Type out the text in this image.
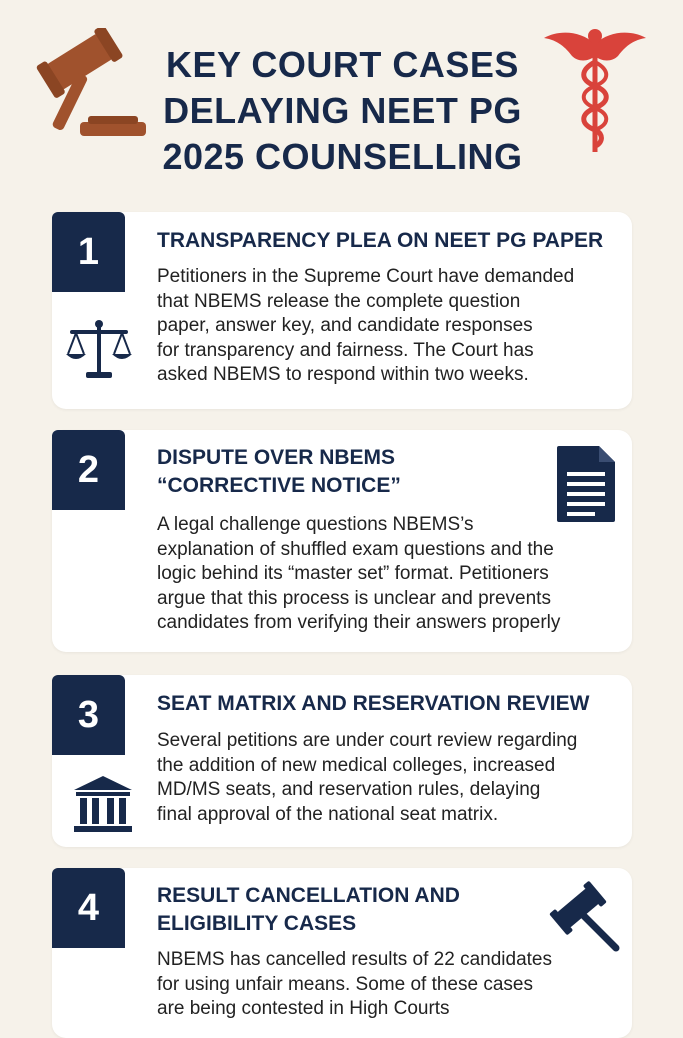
KEY COURT CASES
DELAYING NEET PG
2025 COUNSELLING
1	TRANSPARENCY PLEA ON NEET PG PAPER
Petitioners in the Supreme Court have demanded
that NBEMS release the complete question
paper, answer key, and candidate responses
for transparency and fairness. The Court has
asked NBEMS to respond within two weeks.
2	DISPUTE OVER NBEMS
“CORRECTIVE NOTICE”
A legal challenge questions NBEMS’s
explanation of shuffled exam questions and the
logic behind its “master set” format. Petitioners
argue that this process is unclear and prevents
candidates from verifying their answers properly
3	SEAT MATRIX AND RESERVATION REVIEW
Several petitions are under court review regarding
the addition of new medical colleges, increased
MD/MS seats, and reservation rules, delaying
final approval of the national seat matrix.
4	RESULT CANCELLATION AND
ELIGIBILITY CASES
NBEMS has cancelled results of 22 candidates
for using unfair means. Some of these cases
are being contested in High Courts
